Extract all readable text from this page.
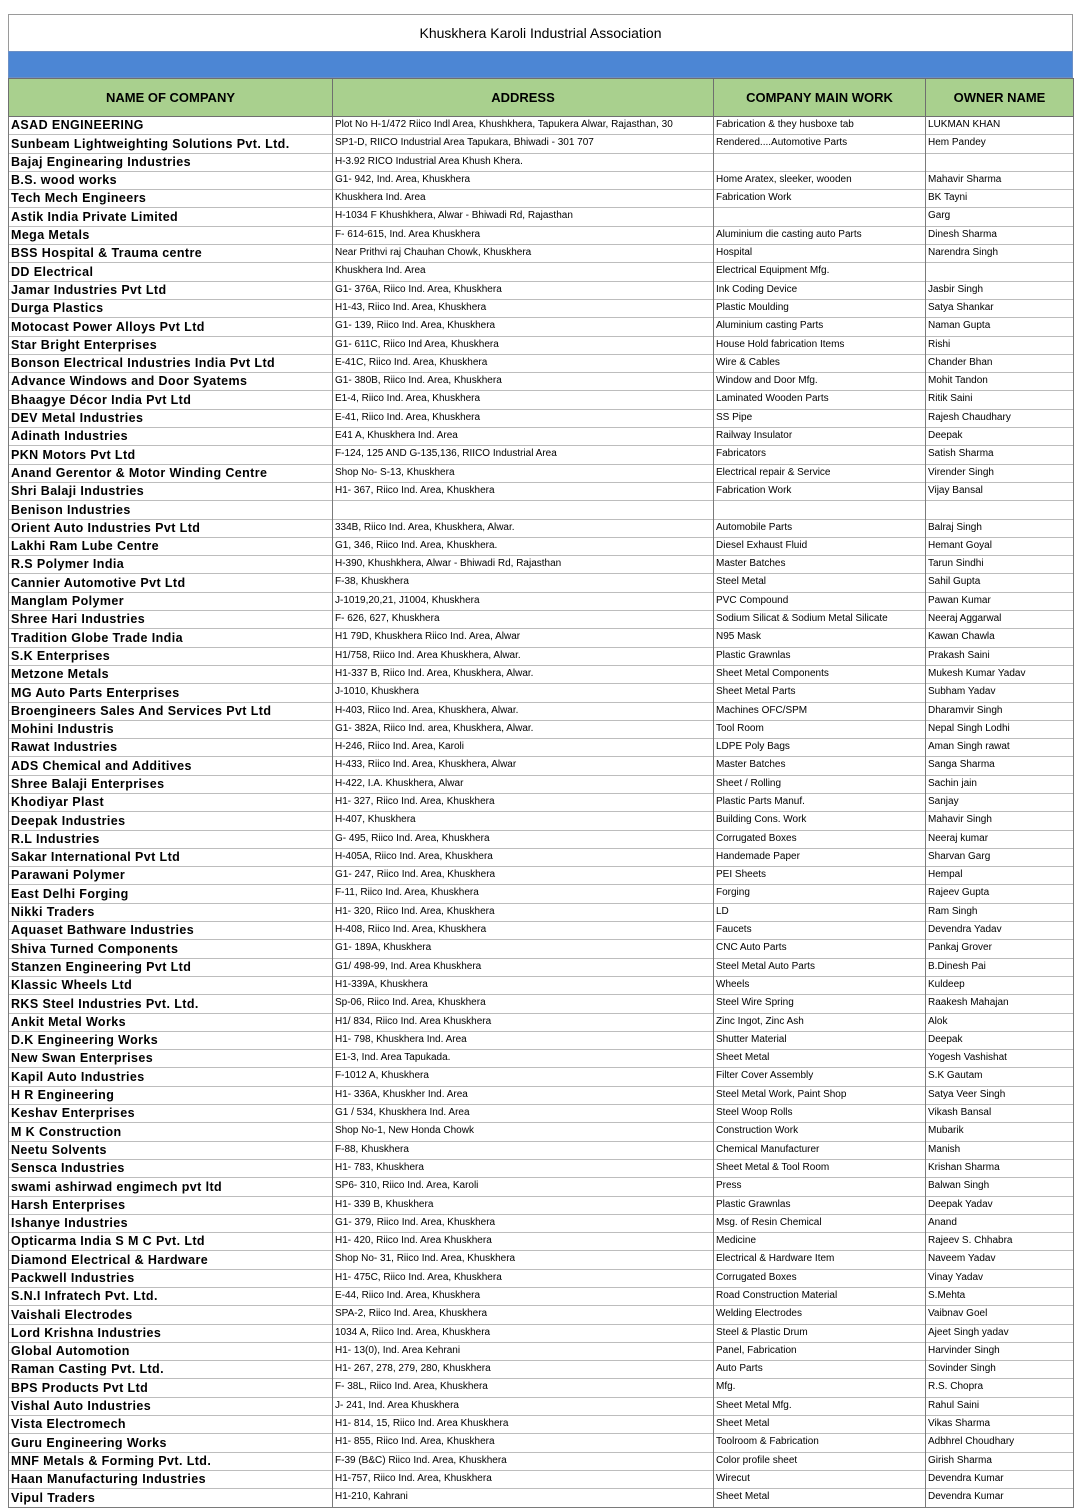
Khuskhera Karoli Industrial Association
NAME OF COMPANY	ADDRESS	COMPANY MAIN WORK	OWNER NAME
ASAD ENGINEERING	Plot No H-1/472 Riico Indl Area, Khushkhera, Tapukera Alwar, Rajasthan, 30	Fabrication & they husboxe tab	LUKMAN KHAN
Sunbeam Lightweighting Solutions Pvt. Ltd.	SP1-D, RIICO Industrial Area Tapukara, Bhiwadi - 301 707	Rendered....Automotive Parts	Hem Pandey
Bajaj Enginearing Industries	H-3.92 RICO Industrial Area Khush Khera.		
B.S. wood works	G1- 942, Ind. Area, Khuskhera	Home Aratex, sleeker, wooden	Mahavir Sharma
Tech Mech Engineers	Khuskhera Ind. Area	Fabrication Work	BK Tayni
Astik India Private Limited	H-1034 F Khushkhera, Alwar - Bhiwadi Rd, Rajasthan		Garg
Mega Metals	F- 614-615, Ind. Area Khuskhera	Aluminium die casting auto Parts	Dinesh Sharma
BSS Hospital & Trauma centre	Near Prithvi raj Chauhan Chowk, Khuskhera	Hospital	Narendra Singh
DD Electrical	Khuskhera Ind. Area	Electrical Equipment Mfg.	
Jamar Industries Pvt Ltd	G1- 376A, Riico Ind. Area, Khuskhera	Ink Coding Device	Jasbir Singh
Durga Plastics	H1-43, Riico Ind. Area, Khuskhera	Plastic Moulding	Satya Shankar
Motocast Power Alloys Pvt Ltd	G1- 139, Riico Ind. Area, Khuskhera	Aluminium casting Parts	Naman Gupta
Star Bright Enterprises	G1- 611C, Riico Ind Area, Khuskhera	House Hold fabrication Items	Rishi
Bonson Electrical Industries India Pvt Ltd	E-41C, Riico Ind. Area, Khuskhera	Wire & Cables	Chander Bhan
Advance Windows and Door Syatems	G1- 380B, Riico Ind. Area, Khuskhera	Window and Door Mfg.	Mohit Tandon
Bhaagye Décor India Pvt Ltd	E1-4, Riico Ind. Area, Khuskhera	Laminated Wooden Parts	Ritik Saini
DEV Metal Industries	E-41, Riico Ind. Area, Khuskhera	SS Pipe	Rajesh Chaudhary
Adinath Industries	E41 A, Khuskhera Ind. Area	Railway Insulator	Deepak
PKN Motors Pvt Ltd	F-124, 125 AND G-135,136, RIICO Industrial Area	Fabricators	Satish Sharma
Anand Gerentor & Motor Winding Centre	Shop No- S-13, Khuskhera	Electrical repair & Service	Virender Singh
Shri Balaji Industries	H1- 367, Riico Ind. Area, Khuskhera	Fabrication Work	Vijay Bansal
Benison Industries			
Orient Auto Industries Pvt Ltd	334B, Riico Ind. Area, Khuskhera, Alwar.	Automobile Parts	Balraj Singh
Lakhi Ram Lube Centre	G1, 346, Riico Ind. Area, Khuskhera.	Diesel Exhaust Fluid	Hemant Goyal
R.S Polymer India	H-390, Khushkhera, Alwar - Bhiwadi Rd, Rajasthan	Master Batches	Tarun Sindhi
Cannier Automotive Pvt Ltd	F-38, Khuskhera	Steel Metal	Sahil Gupta
Manglam Polymer	J-1019,20,21, J1004, Khuskhera	PVC Compound	Pawan Kumar
Shree Hari Industries	F- 626, 627, Khuskhera	Sodium Silicat & Sodium Metal Silicate	Neeraj Aggarwal
Tradition Globe Trade India	H1 79D, Khuskhera Riico Ind. Area, Alwar	N95 Mask	Kawan Chawla
S.K Enterprises	H1/758, Riico Ind. Area Khuskhera, Alwar.	Plastic Grawnlas	Prakash Saini
Metzone Metals	H1-337 B, Riico Ind. Area, Khuskhera, Alwar.	Sheet Metal Components	Mukesh Kumar Yadav
MG Auto Parts Enterprises	J-1010, Khuskhera	Sheet Metal Parts	Subham Yadav
Broengineers Sales And Services Pvt Ltd	H-403, Riico Ind. Area, Khuskhera, Alwar.	Machines OFC/SPM	Dharamvir Singh
Mohini Industris	G1- 382A, Riico Ind. area, Khuskhera, Alwar.	Tool Room	Nepal Singh Lodhi
Rawat Industries	H-246, Riico Ind. Area, Karoli	LDPE Poly Bags	Aman Singh rawat
ADS Chemical and Additives	H-433, Riico Ind. Area, Khuskhera, Alwar	Master Batches	Sanga Sharma
Shree Balaji Enterprises	H-422, I.A. Khuskhera, Alwar	Sheet / Rolling	Sachin jain
Khodiyar Plast	H1- 327, Riico Ind. Area, Khuskhera	Plastic Parts Manuf.	Sanjay
Deepak Industries	H-407, Khuskhera	Building Cons. Work	Mahavir Singh
R.L Industries	G- 495, Riico Ind. Area, Khuskhera	Corrugated Boxes	Neeraj kumar
Sakar International Pvt Ltd	H-405A, Riico Ind. Area, Khuskhera	Handemade Paper	Sharvan Garg
Parawani Polymer	G1- 247, Riico Ind. Area, Khuskhera	PEI Sheets	Hempal
East Delhi Forging	F-11, Riico Ind. Area, Khuskhera	Forging	Rajeev Gupta
Nikki Traders	H1- 320, Riico Ind. Area, Khuskhera	LD	Ram Singh
Aquaset Bathware Industries	H-408, Riico Ind. Area, Khuskhera	Faucets	Devendra Yadav
Shiva Turned Components	G1- 189A, Khuskhera	CNC Auto Parts	Pankaj Grover
Stanzen Engineering Pvt Ltd	G1/ 498-99, Ind. Area Khuskhera	Steel Metal Auto Parts	B.Dinesh Pai
Klassic Wheels Ltd	H1-339A, Khuskhera	Wheels	Kuldeep
RKS Steel Industries Pvt. Ltd.	Sp-06, Riico Ind. Area, Khuskhera	Steel Wire Spring	Raakesh Mahajan
Ankit Metal Works	H1/ 834, Riico Ind. Area Khuskhera	Zinc Ingot, Zinc Ash	Alok
D.K Engineering Works	H1- 798, Khuskhera Ind. Area	Shutter Material	Deepak
New Swan Enterprises	E1-3, Ind. Area Tapukada.	Sheet Metal	Yogesh Vashishat
Kapil Auto Industries	F-1012 A, Khuskhera	Filter Cover Assembly	S.K Gautam
H R Engineering	H1- 336A, Khuskher Ind. Area	Steel Metal Work, Paint Shop	Satya Veer Singh
Keshav Enterprises	G1 / 534, Khuskhera Ind. Area	Steel Woop Rolls	Vikash Bansal
M K Construction	Shop No-1, New Honda Chowk	Construction Work	Mubarik
Neetu Solvents	F-88, Khuskhera	Chemical Manufacturer	Manish
Sensca Industries	H1- 783, Khuskhera	Sheet Metal & Tool Room	Krishan Sharma
swami ashirwad engimech pvt ltd	SP6- 310, Riico Ind. Area, Karoli	Press	Balwan Singh
Harsh Enterprises	H1- 339 B, Khuskhera	Plastic Grawnlas	Deepak Yadav
Ishanye Industries	G1- 379, Riico Ind. Area, Khuskhera	Msg. of Resin Chemical	Anand
Opticarma India S M C Pvt. Ltd	H1- 420, Riico Ind. Area Khuskhera	Medicine	Rajeev S. Chhabra
Diamond Electrical & Hardware	Shop No- 31, Riico Ind. Area, Khuskhera	Electrical & Hardware Item	Naveem Yadav
Packwell Industries	H1- 475C, Riico Ind. Area, Khuskhera	Corrugated Boxes	Vinay Yadav
S.N.I Infratech Pvt. Ltd.	E-44, Riico Ind. Area, Khuskhera	Road Construction Material	S.Mehta
Vaishali Electrodes	SPA-2, Riico Ind. Area, Khuskhera	Welding Electrodes	Vaibnav Goel
Lord Krishna Industries	1034 A, Riico Ind. Area, Khuskhera	Steel & Plastic Drum	Ajeet Singh yadav
Global Automotion	H1- 13(0), Ind. Area Kehrani	Panel, Fabrication	Harvinder Singh
Raman Casting Pvt. Ltd.	H1- 267, 278, 279, 280, Khuskhera	Auto Parts	Sovinder Singh
BPS Products Pvt Ltd	F- 38L, Riico Ind. Area, Khuskhera	Mfg.	R.S. Chopra
Vishal Auto Industries	J- 241, Ind. Area Khuskhera	Sheet Metal Mfg.	Rahul Saini
Vista Electromech	H1- 814, 15, Riico Ind. Area Khuskhera	Sheet Metal	Vikas Sharma
Guru Engineering Works	H1- 855, Riico Ind. Area, Khuskhera	Toolroom & Fabrication	Adbhrel Choudhary
MNF Metals & Forming Pvt. Ltd.	F-39 (B&C) Riico Ind. Area, Khuskhera	Color profile sheet	Girish Sharma
Haan Manufacturing Industries	H1-757, Riico Ind. Area, Khuskhera	Wirecut	Devendra Kumar
Vipul Traders	H1-210, Kahrani	Sheet Metal	Devendra Kumar
